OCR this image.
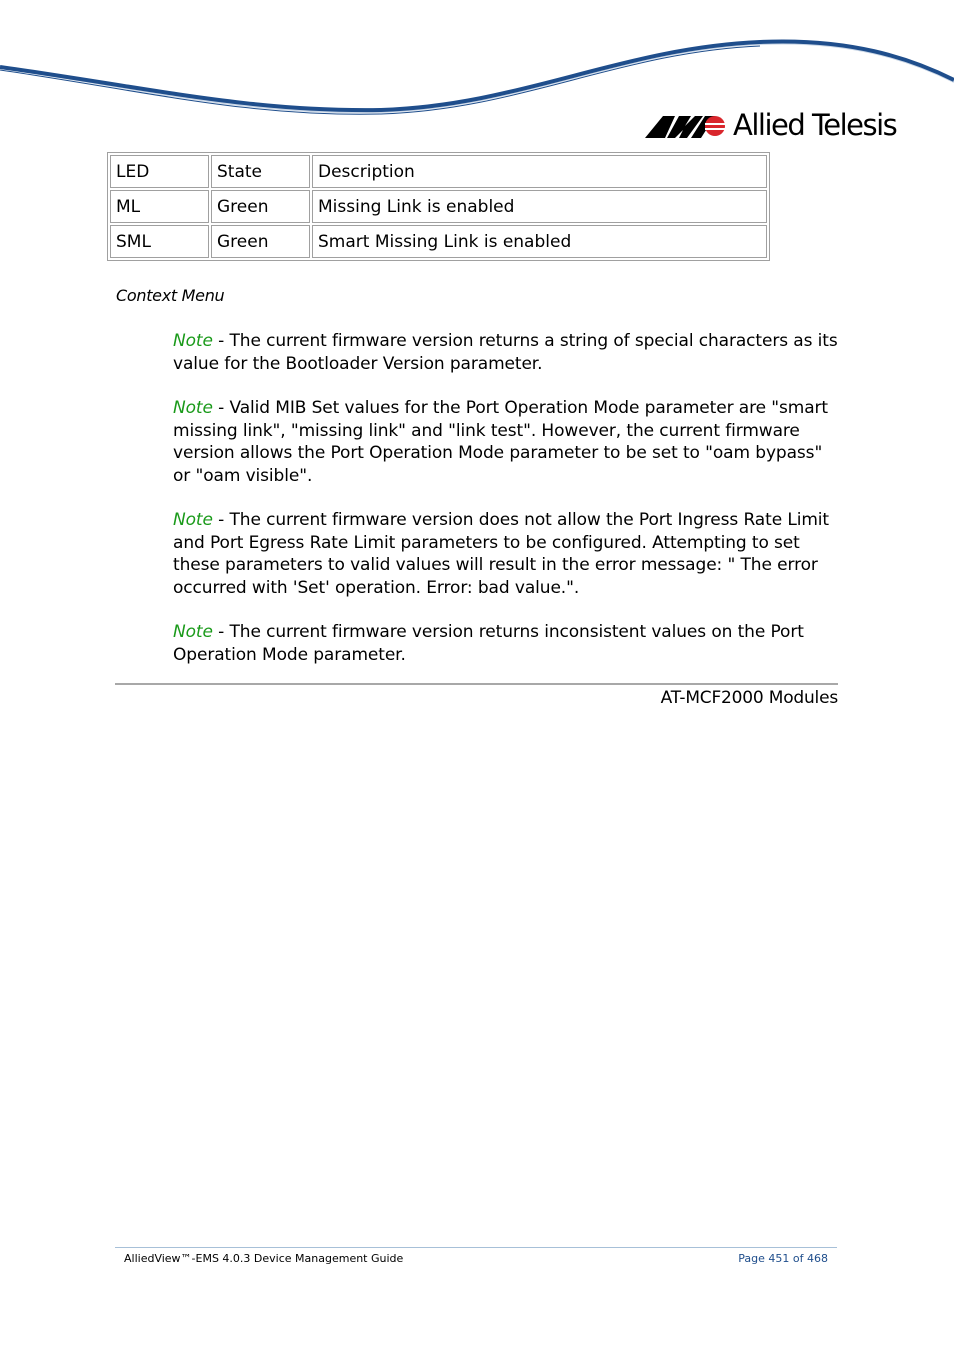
Allied Telesis
LED	State	Description
ML	Green	Missing Link is enabled
SML	Green	Smart Missing Link is enabled
Context Menu
Note - The current firmware version returns a string of special characters as its value for the Bootloader Version parameter.
Note - Valid MIB Set values for the Port Operation Mode parameter are "smart missing link", "missing link" and "link test". However, the current firmware version allows the Port Operation Mode parameter to be set to "oam bypass" or "oam visible".
Note - The current firmware version does not allow the Port Ingress Rate Limit and Port Egress Rate Limit parameters to be configured. Attempting to set these parameters to valid values will result in the error message: " The error occurred with 'Set' operation. Error: bad value.".
Note - The current firmware version returns inconsistent values on the Port Operation Mode parameter.
AT-MCF2000 Modules
AlliedView™-EMS 4.0.3 Device Management Guide	Page 451 of 468
